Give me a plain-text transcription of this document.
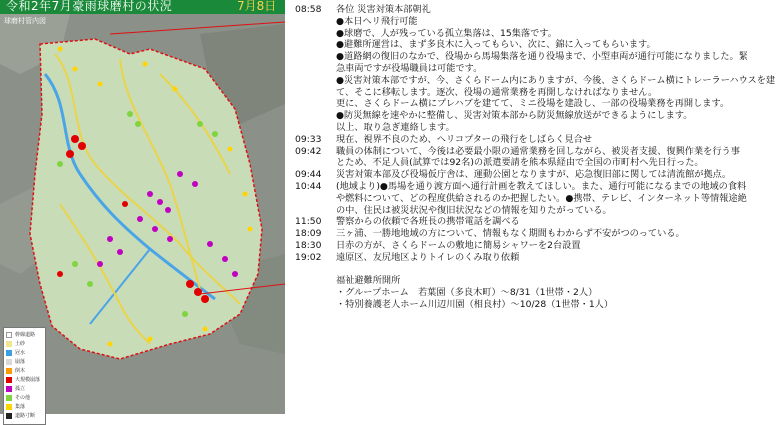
令和2年7月豪雨球磨村の状況	7月8日
球磨村管内図
幹線道路
土砂
冠水
崩落
倒木
大規模崩落
孤立
その他
集落
道路寸断
08:58	各位 災害対策本部朝礼
●本日ヘリ飛行可能
●球磨で、人が残っている孤立集落は、15集落です。
●避難所運営は、まず多良木に入ってもらい、次に、錦に入ってもらいます。
●道路網の復旧のなかで、役場から馬場集落を通り役場まで、小型車両が通行可能になりました。緊
急車両ですが役場職員は可能です。
●災害対策本部ですが、今、さくらドーム内にありますが、今後、さくらドーム横にトレーラーハウスを建
て、そこに移転します。逐次、役場の通常業務を再開しなければなりません。
更に、さくらドーム横にプレハブを建てて、ミニ役場を建設し、一部の役場業務を再開します。
●防災無線を速やかに整備し、災害対策本部から防災無線放送ができるようにします。
以上、取り急ぎ連絡します。
09:33	現在、視界不良のため、ヘリコプターの飛行をしばらく見合せ
09:42	職員の体制について、今後は必要最小限の通常業務を回しながら、被災者支援、復興作業を行う事
とため、不足人員(試算では92名)の派遣要請を熊本県経由で全国の市町村へ先日行った。
09:44	災害対策本部及び役場仮庁舎は、運動公園となりますが、応急復旧部に関しては清流館が拠点。
10:44	(地域より)●馬場を通り渡方面へ通行計画を教えてほしい。また、通行可能になるまでの地域の食料
や燃料について、どの程度供給されるのか把握したい。●携帯、テレビ、インターネット等情報途絶
の中、住民は被災状況や復旧状況などの情報を知りたがっている。
11:50	警察からの依頼で各班長の携帯電話を調べる
18:09	三ヶ浦、一勝地地域の方について、情報もなく期間もわからず不安がつのっている。
18:30	日赤の方が、さくらドームの敷地に簡易シャワーを2台設置
19:02	遠原区、友尻地区よりトイレのくみ取り依頼
福祉避難所開所
・グループホーム　若葉園（多良木町）～8/31（1世帯・2人）
・特別養護老人ホーム川辺川園（相良村）～10/28（1世帯・1人）
